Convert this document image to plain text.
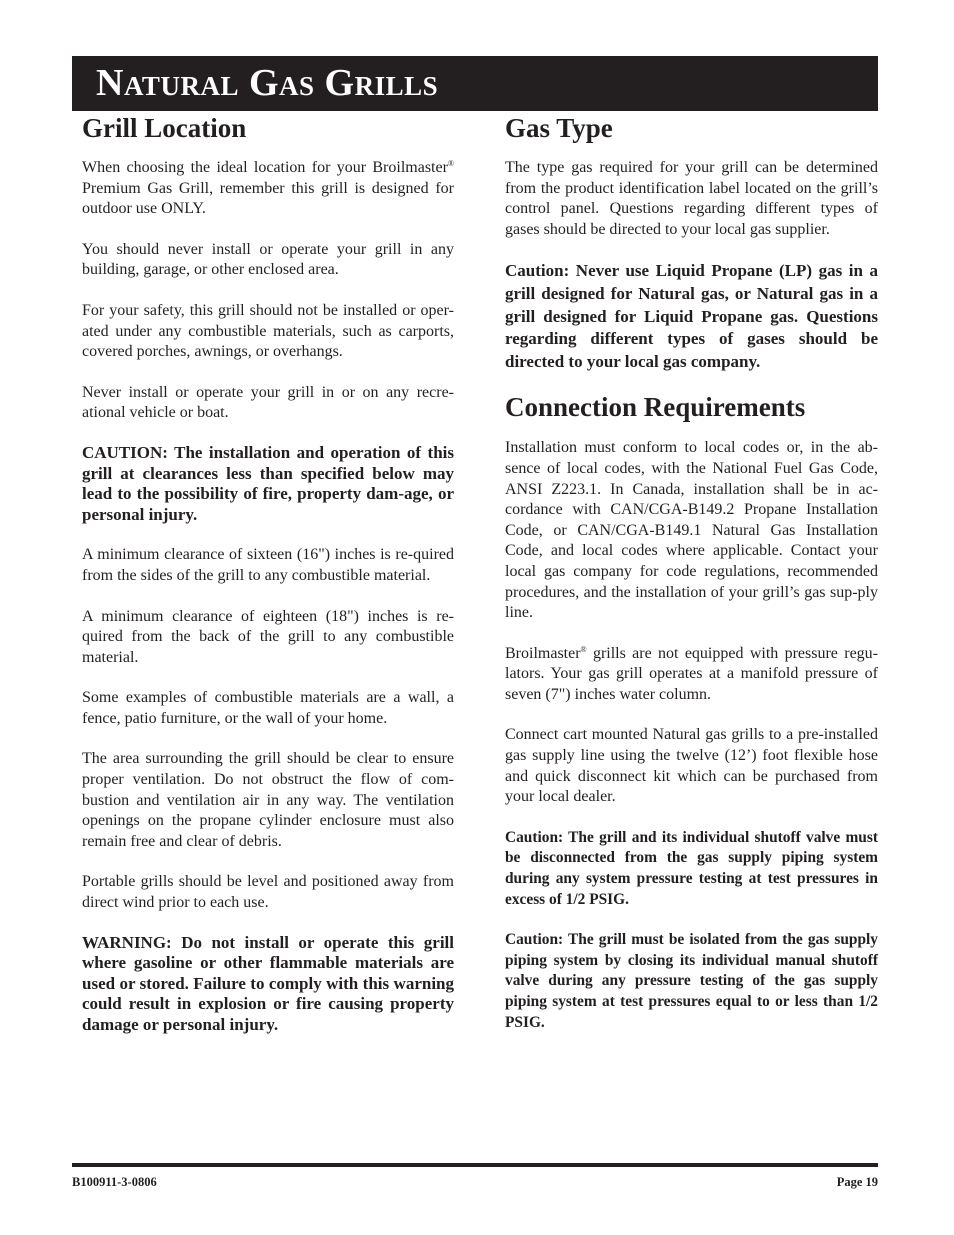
Natural Gas Grills
Grill Location

When choosing the ideal location for your Broilmaster® Premium Gas Grill, remember this grill is designed for outdoor use ONLY.

You should never install or operate your grill in any building, garage, or other enclosed area.

For your safety, this grill should not be installed or oper-ated under any combustible materials, such as carports, covered porches, awnings, or overhangs.

Never install or operate your grill in or on any recre-ational vehicle or boat.

CAUTION: The installation and operation of this grill at clearances less than specified below may lead to the possibility of fire, property dam-age, or personal injury.

A minimum clearance of sixteen (16") inches is re-quired from the sides of the grill to any combustible material.

A minimum clearance of eighteen (18") inches is re-quired from the back of the grill to any combustible material.

Some examples of combustible materials are a wall, a fence, patio furniture, or the wall of your home.

The area surrounding the grill should be clear to ensure proper ventilation. Do not obstruct the flow of com-bustion and ventilation air in any way. The ventilation openings on the propane cylinder enclosure must also remain free and clear of debris.

Portable grills should be level and positioned away from direct wind prior to each use.

WARNING: Do not install or operate this grill where gasoline or other flammable materials are used or stored. Failure to comply with this warning could result in explosion or fire causing property damage or personal injury.

Gas Type

The type gas required for your grill can be determined from the product identification label located on the grill’s control panel. Questions regarding different types of gases should be directed to your local gas supplier.

Caution: Never use Liquid Propane (LP) gas in a grill designed for Natural gas, or Natural gas in a grill designed for Liquid Propane gas. Questions regarding different types of gases should be directed to your local gas company.

Connection Requirements

Installation must conform to local codes or, in the ab-sence of local codes, with the National Fuel Gas Code, ANSI Z223.1. In Canada, installation shall be in ac-cordance with CAN/CGA-B149.2 Propane Installation Code, or CAN/CGA-B149.1 Natural Gas Installation Code, and local codes where applicable. Contact your local gas company for code regulations, recommended procedures, and the installation of your grill’s gas sup-ply line.

Broilmaster® grills are not equipped with pressure regu-lators. Your gas grill operates at a manifold pressure of seven (7") inches water column.

Connect cart mounted Natural gas grills to a pre-installed gas supply line using the twelve (12’) foot flexible hose and quick disconnect kit which can be purchased from your local dealer.

Caution: The grill and its individual shutoff valve must be disconnected from the gas supply piping system during any system pressure testing at test pressures in excess of 1/2 PSIG.

Caution: The grill must be isolated from the gas supply piping system by closing its individual manual shutoff valve during any pressure testing of the gas supply piping system at test pressures equal to or less than 1/2 PSIG.

B100911-3-0806	Page 19
